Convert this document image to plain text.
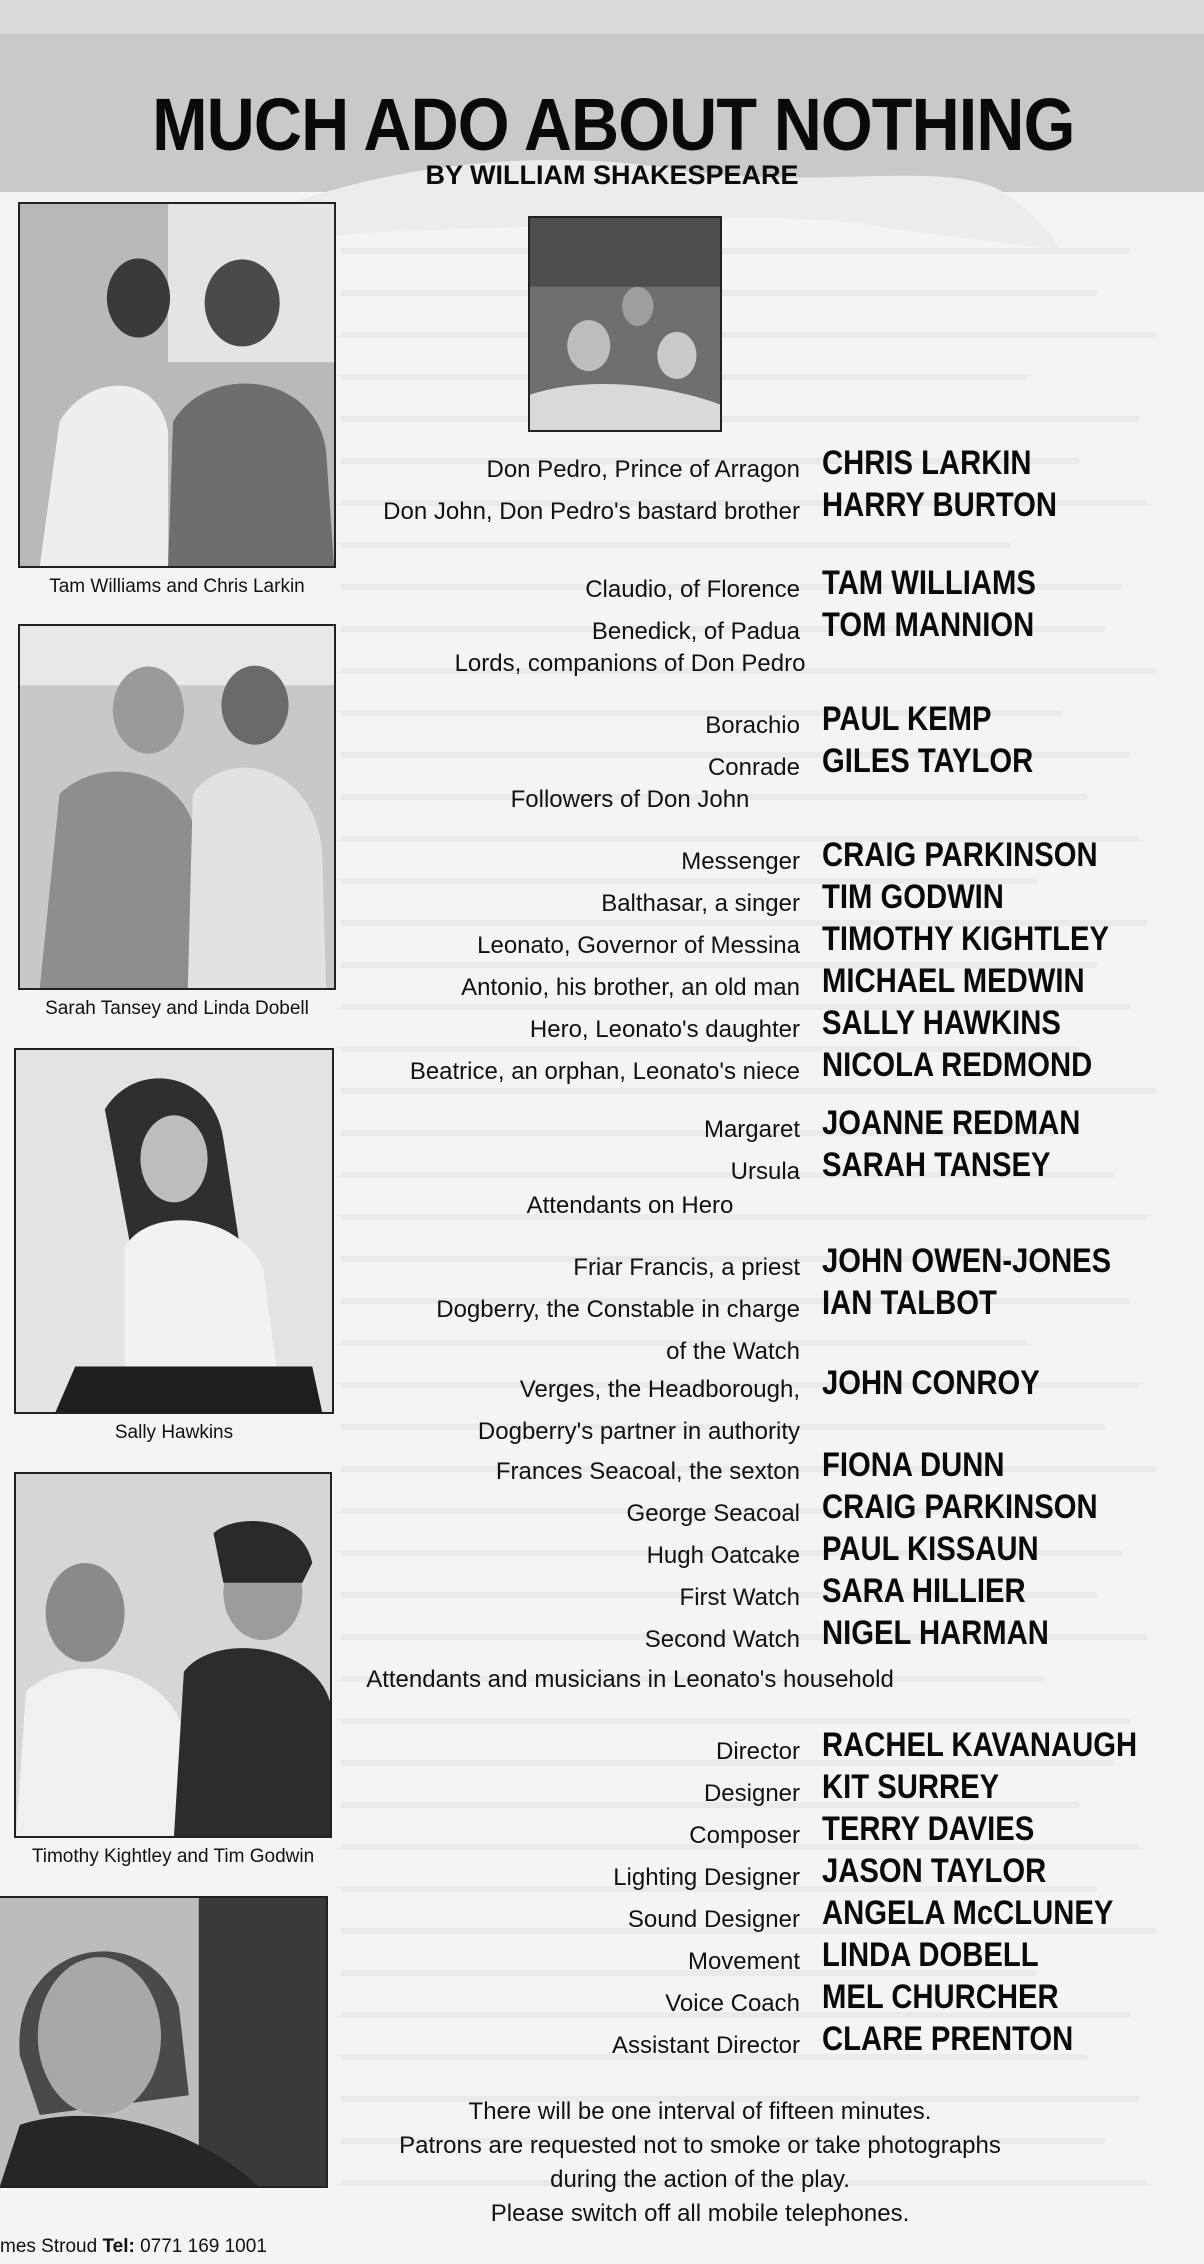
MUCH ADO ABOUT NOTHING
BY WILLIAM SHAKESPEARE
Tam Williams and Chris Larkin
Sarah Tansey and Linda Dobell
Sally Hawkins
Timothy Kightley and Tim Godwin
Don Pedro, Prince of Arragon CHRIS LARKIN
Don John, Don Pedro's bastard brother HARRY BURTON
Claudio, of Florence TAM WILLIAMS
Benedick, of Padua TOM MANNION
Lords, companions of Don Pedro
Borachio PAUL KEMP
Conrade GILES TAYLOR
Followers of Don John
Messenger CRAIG PARKINSON
Balthasar, a singer TIM GODWIN
Leonato, Governor of Messina TIMOTHY KIGHTLEY
Antonio, his brother, an old man MICHAEL MEDWIN
Hero, Leonato's daughter SALLY HAWKINS
Beatrice, an orphan, Leonato's niece NICOLA REDMOND
Margaret JOANNE REDMAN
Ursula SARAH TANSEY
Attendants on Hero
Friar Francis, a priest JOHN OWEN-JONES
Dogberry, the Constable in charge IAN TALBOT
of the Watch
Verges, the Headborough, JOHN CONROY
Dogberry's partner in authority
Frances Seacoal, the sexton FIONA DUNN
George Seacoal CRAIG PARKINSON
Hugh Oatcake PAUL KISSAUN
First Watch SARA HILLIER
Second Watch NIGEL HARMAN
Attendants and musicians in Leonato's household
Director RACHEL KAVANAUGH
Designer KIT SURREY
Composer TERRY DAVIES
Lighting Designer JASON TAYLOR
Sound Designer ANGELA McCLUNEY
Movement LINDA DOBELL
Voice Coach MEL CHURCHER
Assistant Director CLARE PRENTON
There will be one interval of fifteen minutes.
Patrons are requested not to smoke or take photographs
during the action of the play.
Please switch off all mobile telephones.
mes Stroud Tel: 0771 169 1001
